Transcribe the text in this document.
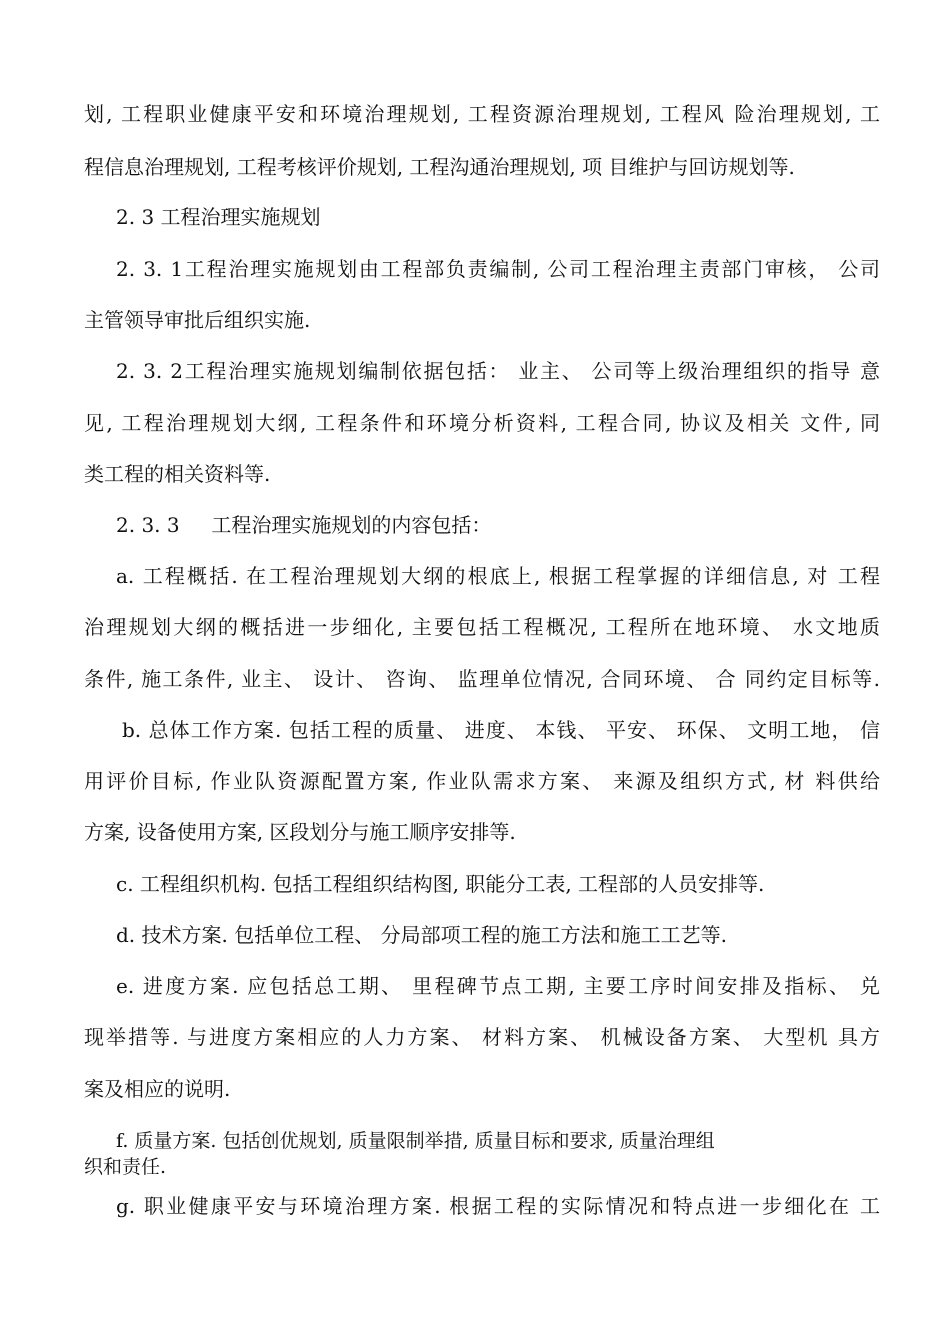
划, 工程职业健康平安和环境治理规划, 工程资源治理规划, 工程风 险治理规划, 工
程信息治理规划, 工程考核评价规划, 工程沟通治理规划, 项 目维护与回访规划等.
2. 3 工程治理实施规划
2. 3. 1工程治理实施规划由工程部负责编制, 公司工程治理主责部门审核， 公司
主管领导审批后组织实施.
2. 3. 2工程治理实施规划编制依据包括： 业主、 公司等上级治理组织的指导 意
见, 工程治理规划大纲, 工程条件和环境分析资料, 工程合同, 协议及相关 文件, 同
类工程的相关资料等.
2. 3. 3     工程治理实施规划的内容包括：
a. 工程概括. 在工程治理规划大纲的根底上, 根据工程掌握的详细信息, 对 工程
治理规划大纲的概括进一步细化, 主要包括工程概况, 工程所在地环境、 水文地质
条件, 施工条件, 业主、 设计、 咨询、 监理单位情况, 合同环境、 合 同约定目标等.
b. 总体工作方案. 包括工程的质量、 进度、 本钱、 平安、 环保、 文明工地， 信
用评价目标, 作业队资源配置方案, 作业队需求方案、 来源及组织方式, 材 料供给
方案, 设备使用方案, 区段划分与施工顺序安排等.
c. 工程组织机构. 包括工程组织结构图, 职能分工表, 工程部的人员安排等.
d. 技术方案. 包括单位工程、 分局部项工程的施工方法和施工工艺等.
e. 进度方案. 应包括总工期、 里程碑节点工期, 主要工序时间安排及指标、 兑
现举措等. 与进度方案相应的人力方案、 材料方案、 机械设备方案、 大型机 具方
案及相应的说明.
f. 质量方案. 包括创优规划, 质量限制举措, 质量目标和要求, 质量治理组
织和责任.
g. 职业健康平安与环境治理方案. 根据工程的实际情况和特点进一步细化在 工
